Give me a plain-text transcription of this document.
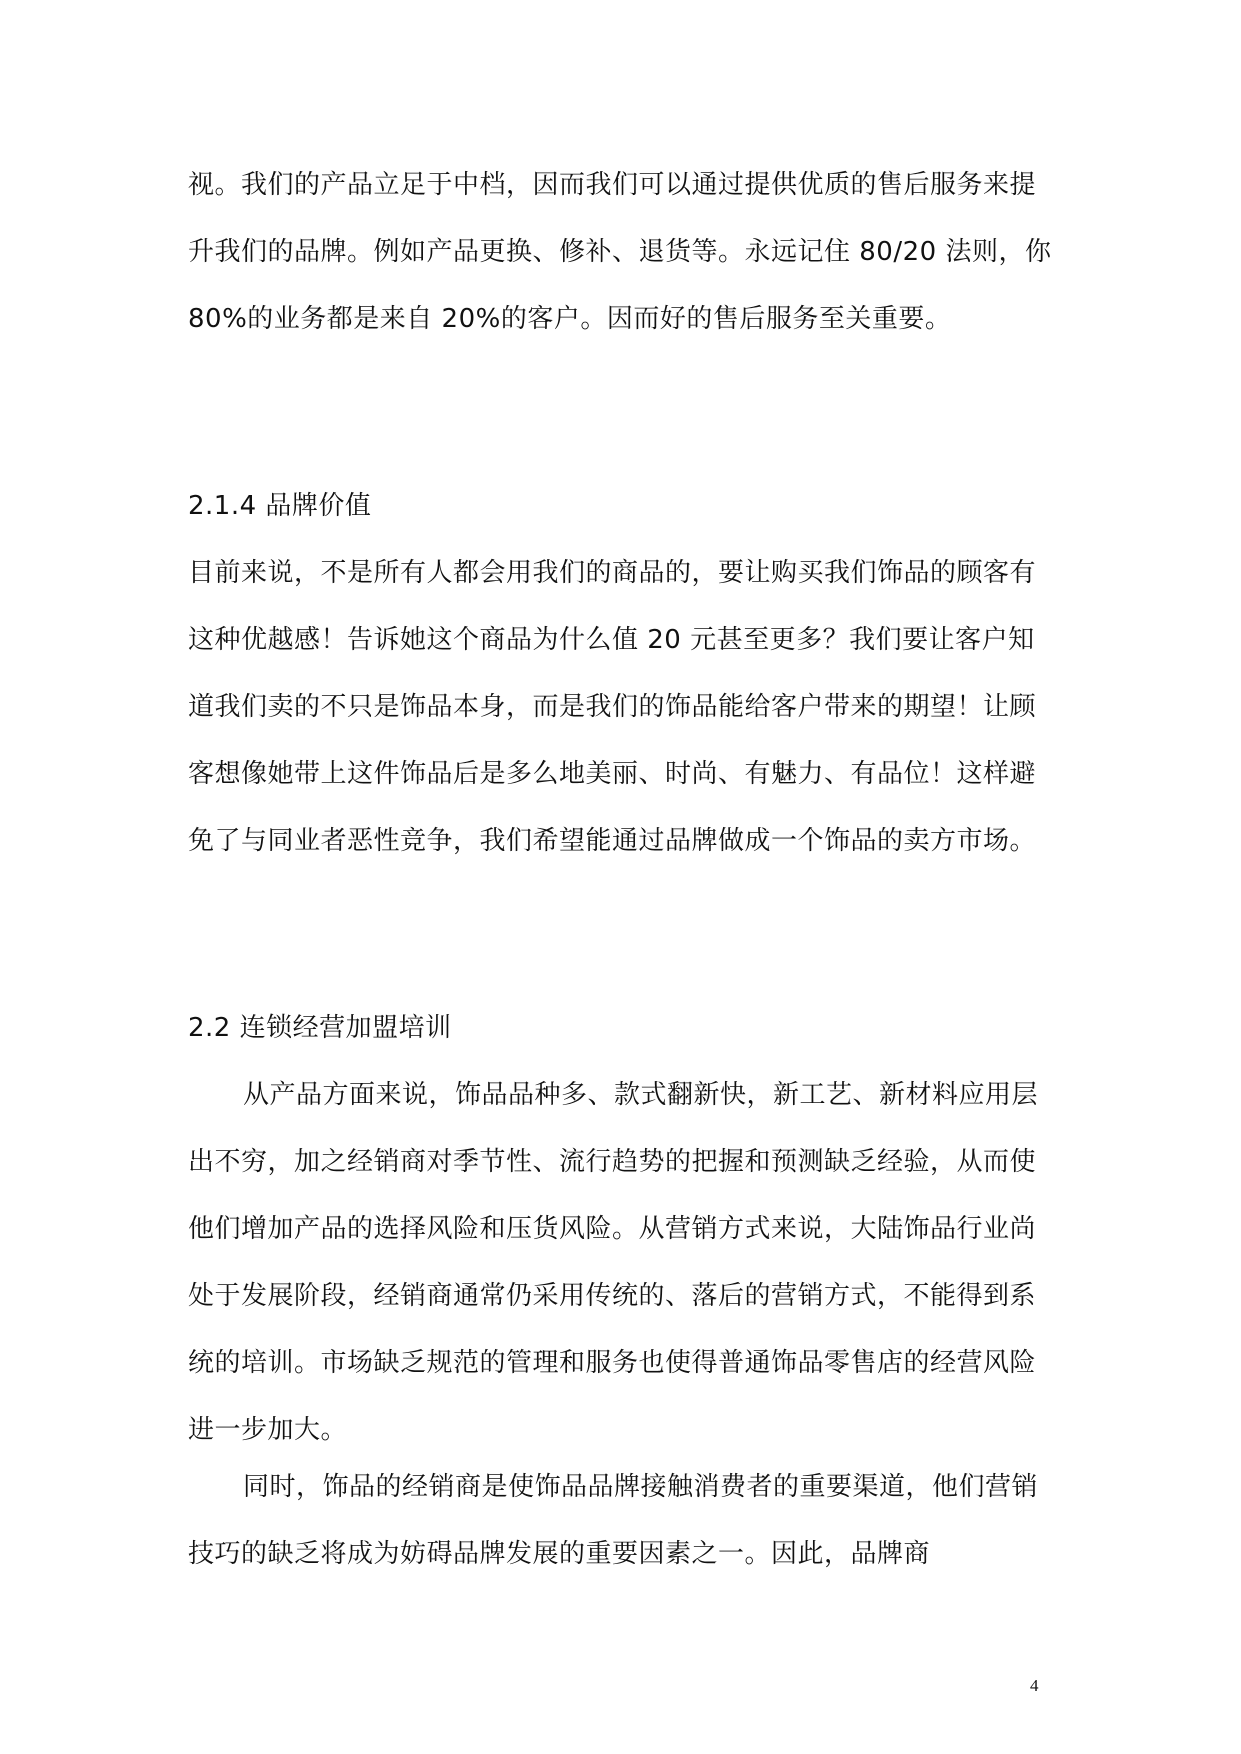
视。我们的产品立足于中档，因而我们可以通过提供优质的售后服务来提升我们的品牌。例如产品更换、修补、退货等。永远记住 80/20 法则，你 80%的业务都是来自 20%的客户。因而好的售后服务至关重要。
2.1.4 品牌价值
目前来说，不是所有人都会用我们的商品的，要让购买我们饰品的顾客有这种优越感！告诉她这个商品为什么值 20 元甚至更多？我们要让客户知道我们卖的不只是饰品本身，而是我们的饰品能给客户带来的期望！让顾客想像她带上这件饰品后是多么地美丽、时尚、有魅力、有品位！这样避免了与同业者恶性竞争，我们希望能通过品牌做成一个饰品的卖方市场。
2.2 连锁经营加盟培训
从产品方面来说，饰品品种多、款式翻新快，新工艺、新材料应用层出不穷，加之经销商对季节性、流行趋势的把握和预测缺乏经验，从而使他们增加产品的选择风险和压货风险。从营销方式来说，大陆饰品行业尚处于发展阶段，经销商通常仍采用传统的、落后的营销方式，不能得到系统的培训。市场缺乏规范的管理和服务也使得普通饰品零售店的经营风险进一步加大。
同时，饰品的经销商是使饰品品牌接触消费者的重要渠道，他们营销技巧的缺乏将成为妨碍品牌发展的重要因素之一。因此，品牌商
4
